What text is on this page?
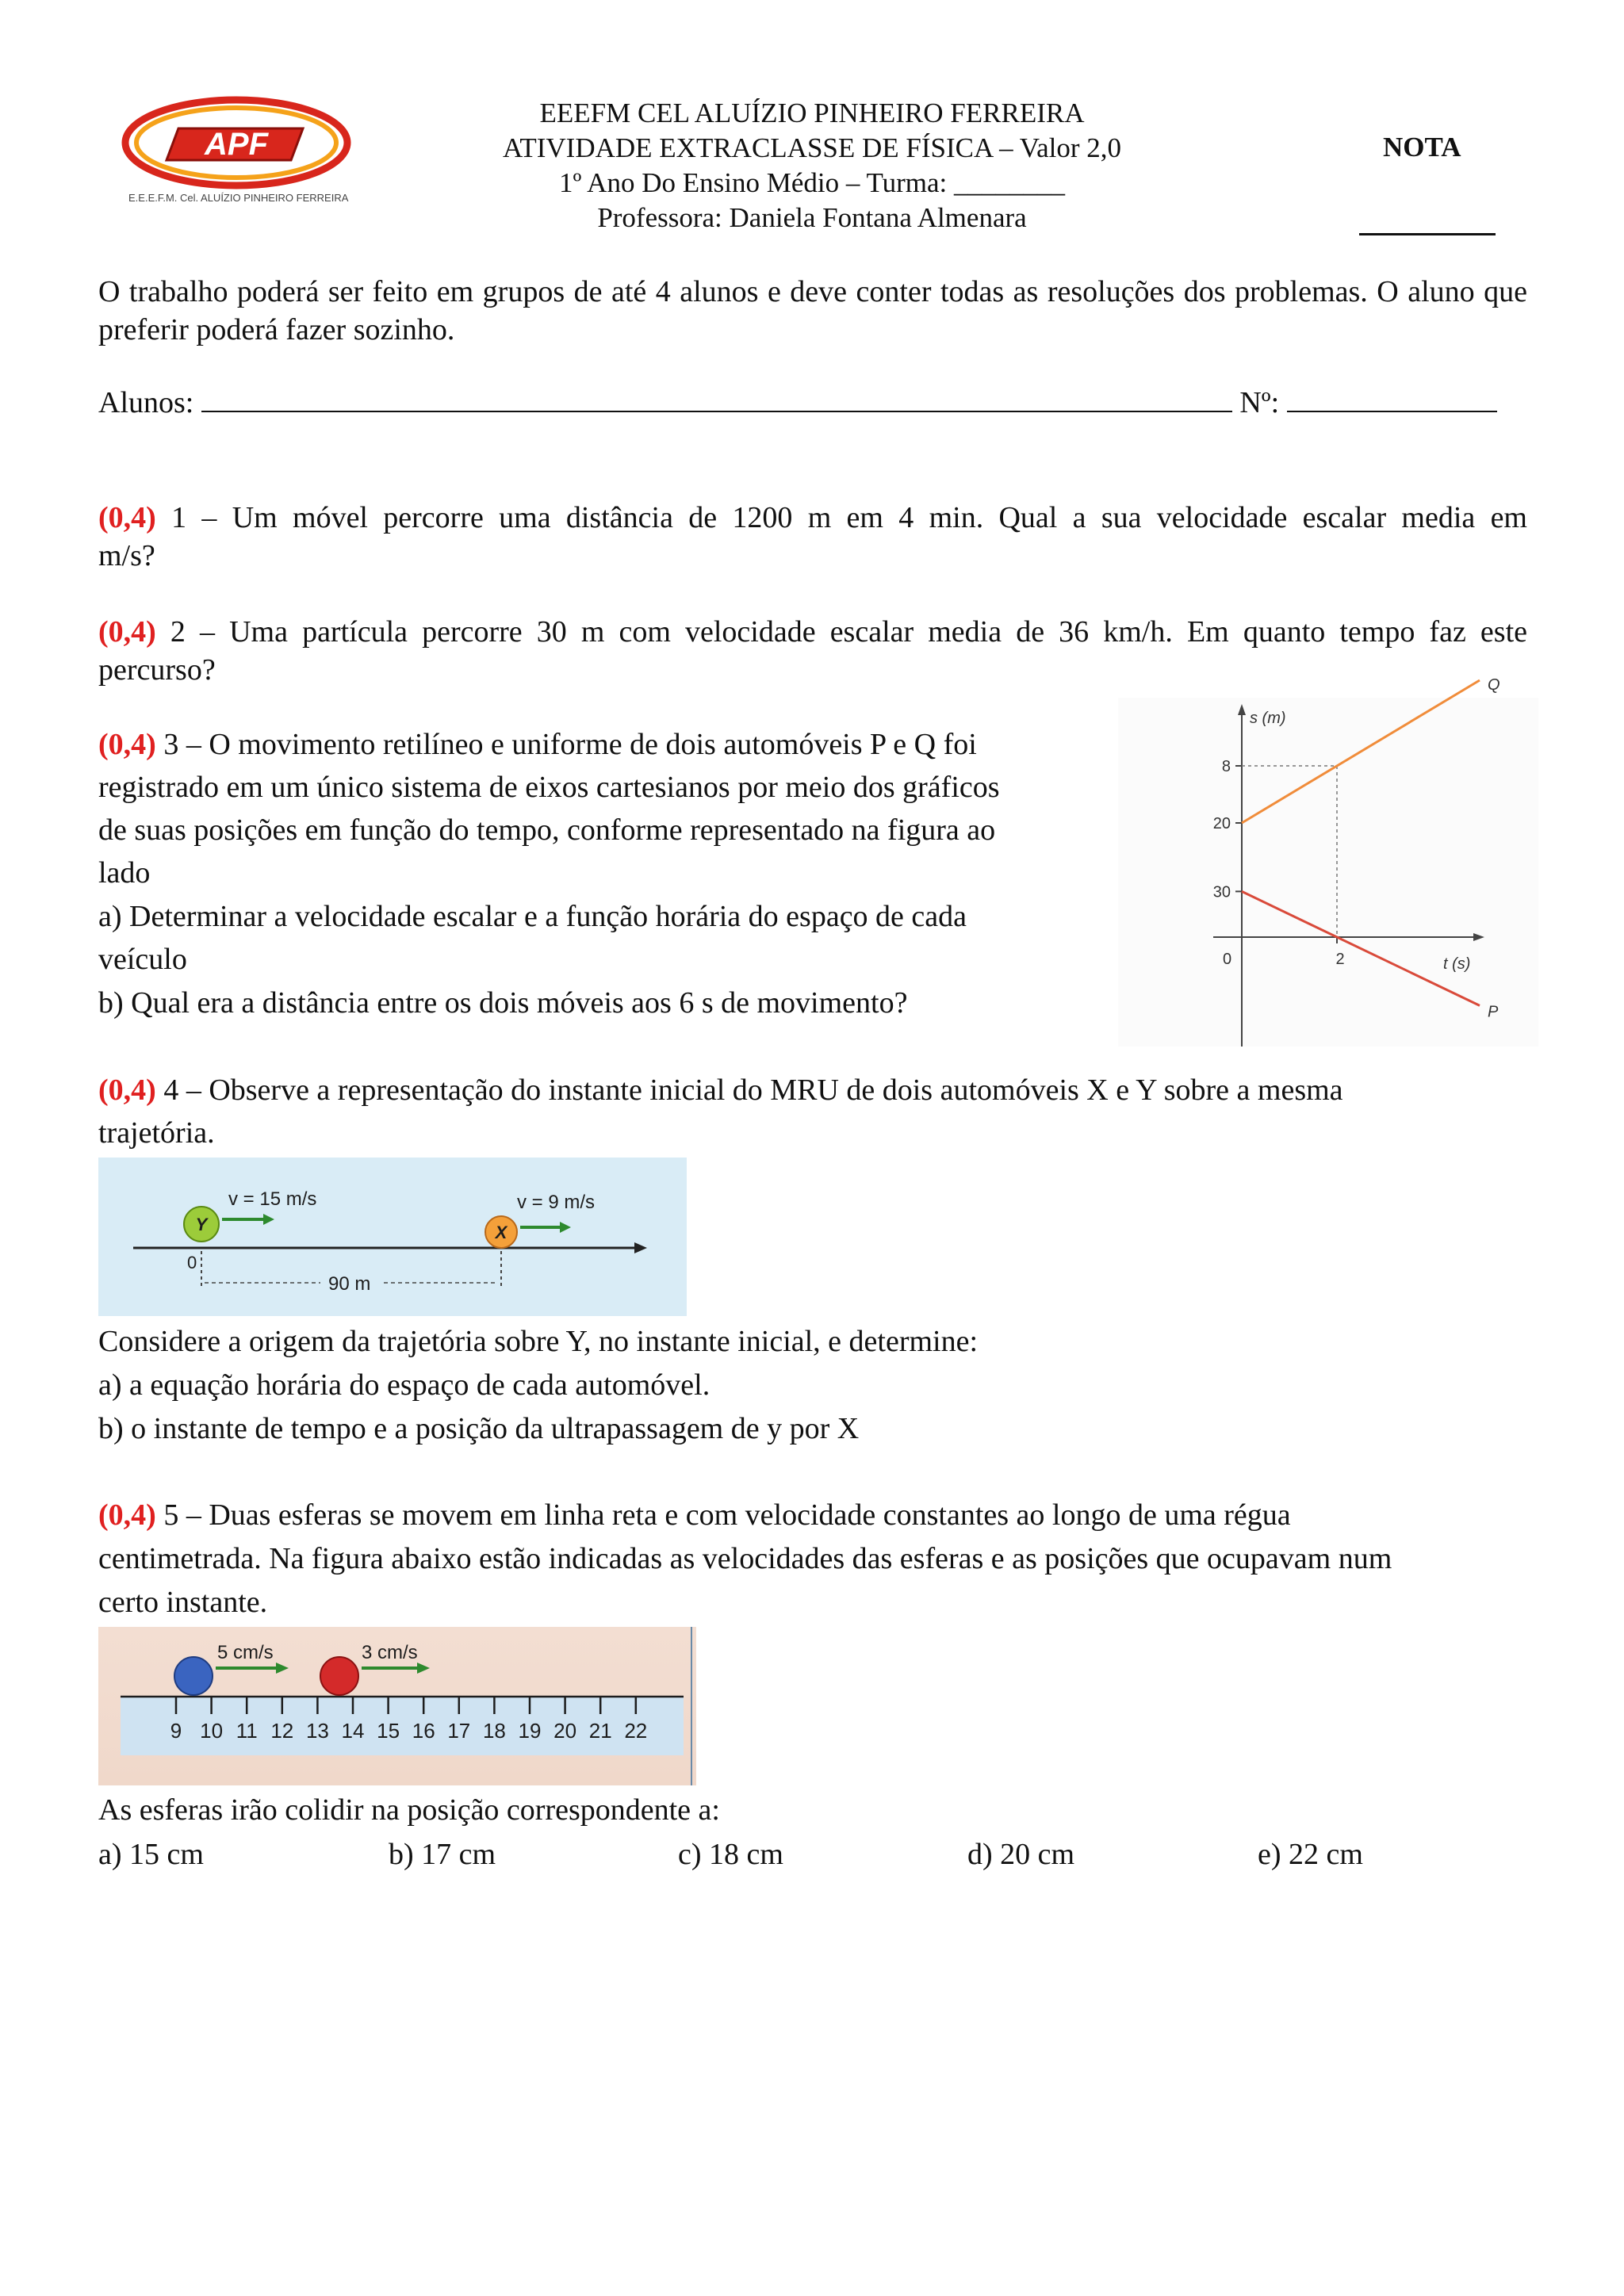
APF
E.E.E.F.M. Cel. ALUÍZIO PINHEIRO FERREIRA
EEEFM CEL ALUÍZIO PINHEIRO FERREIRA
ATIVIDADE EXTRACLASSE DE FÍSICA – Valor 2,0
1º Ano Do Ensino Médio – Turma: ________
Professora: Daniela Fontana Almenara
NOTA
O trabalho poderá ser feito em grupos de até 4 alunos e deve conter todas as resoluções dos problemas. O aluno que preferir poderá fazer sozinho.
Alunos:	Nº:
(0,4) 1 – Um móvel percorre uma distância de 1200 m em 4 min. Qual a sua velocidade escalar media em
m/s?
(0,4) 2 – Uma partícula percorre 30 m com velocidade escalar media de 36 km/h. Em quanto tempo faz este
percurso?
(0,4) 3 – O movimento retilíneo e uniforme de dois automóveis P e Q foi
registrado em um único sistema de eixos cartesianos por meio dos gráficos
de suas posições em função do tempo, conforme representado na figura ao
lado
a) Determinar a velocidade escalar e a função horária do espaço de cada
veículo
b) Qual era a distância entre os dois móveis aos 6 s de movimento?
s (m)
t (s)
0
30
20
8
2
Q
P
(0,4) 4 – Observe a representação do instante inicial do MRU de dois automóveis X e Y sobre a mesma
trajetória.
Y
v = 15 m/s
X
v = 9 m/s
0
90 m
Considere a origem da trajetória sobre Y, no instante inicial, e determine:
a) a equação horária do espaço de cada automóvel.
b) o instante de tempo e a posição da ultrapassagem de y por X
(0,4) 5 – Duas esferas se movem em linha reta e com velocidade constantes ao longo de uma régua
centimetrada. Na figura abaixo estão indicadas as velocidades das esferas e as posições que ocupavam num
certo instante.
9 10 11 12 13 14 15 16 17 18 19 20 21 22
5 cm/s	3 cm/s
As esferas irão colidir na posição correspondente a:
a) 15 cm	b) 17 cm	c) 18 cm	d) 20 cm	e) 22 cm
